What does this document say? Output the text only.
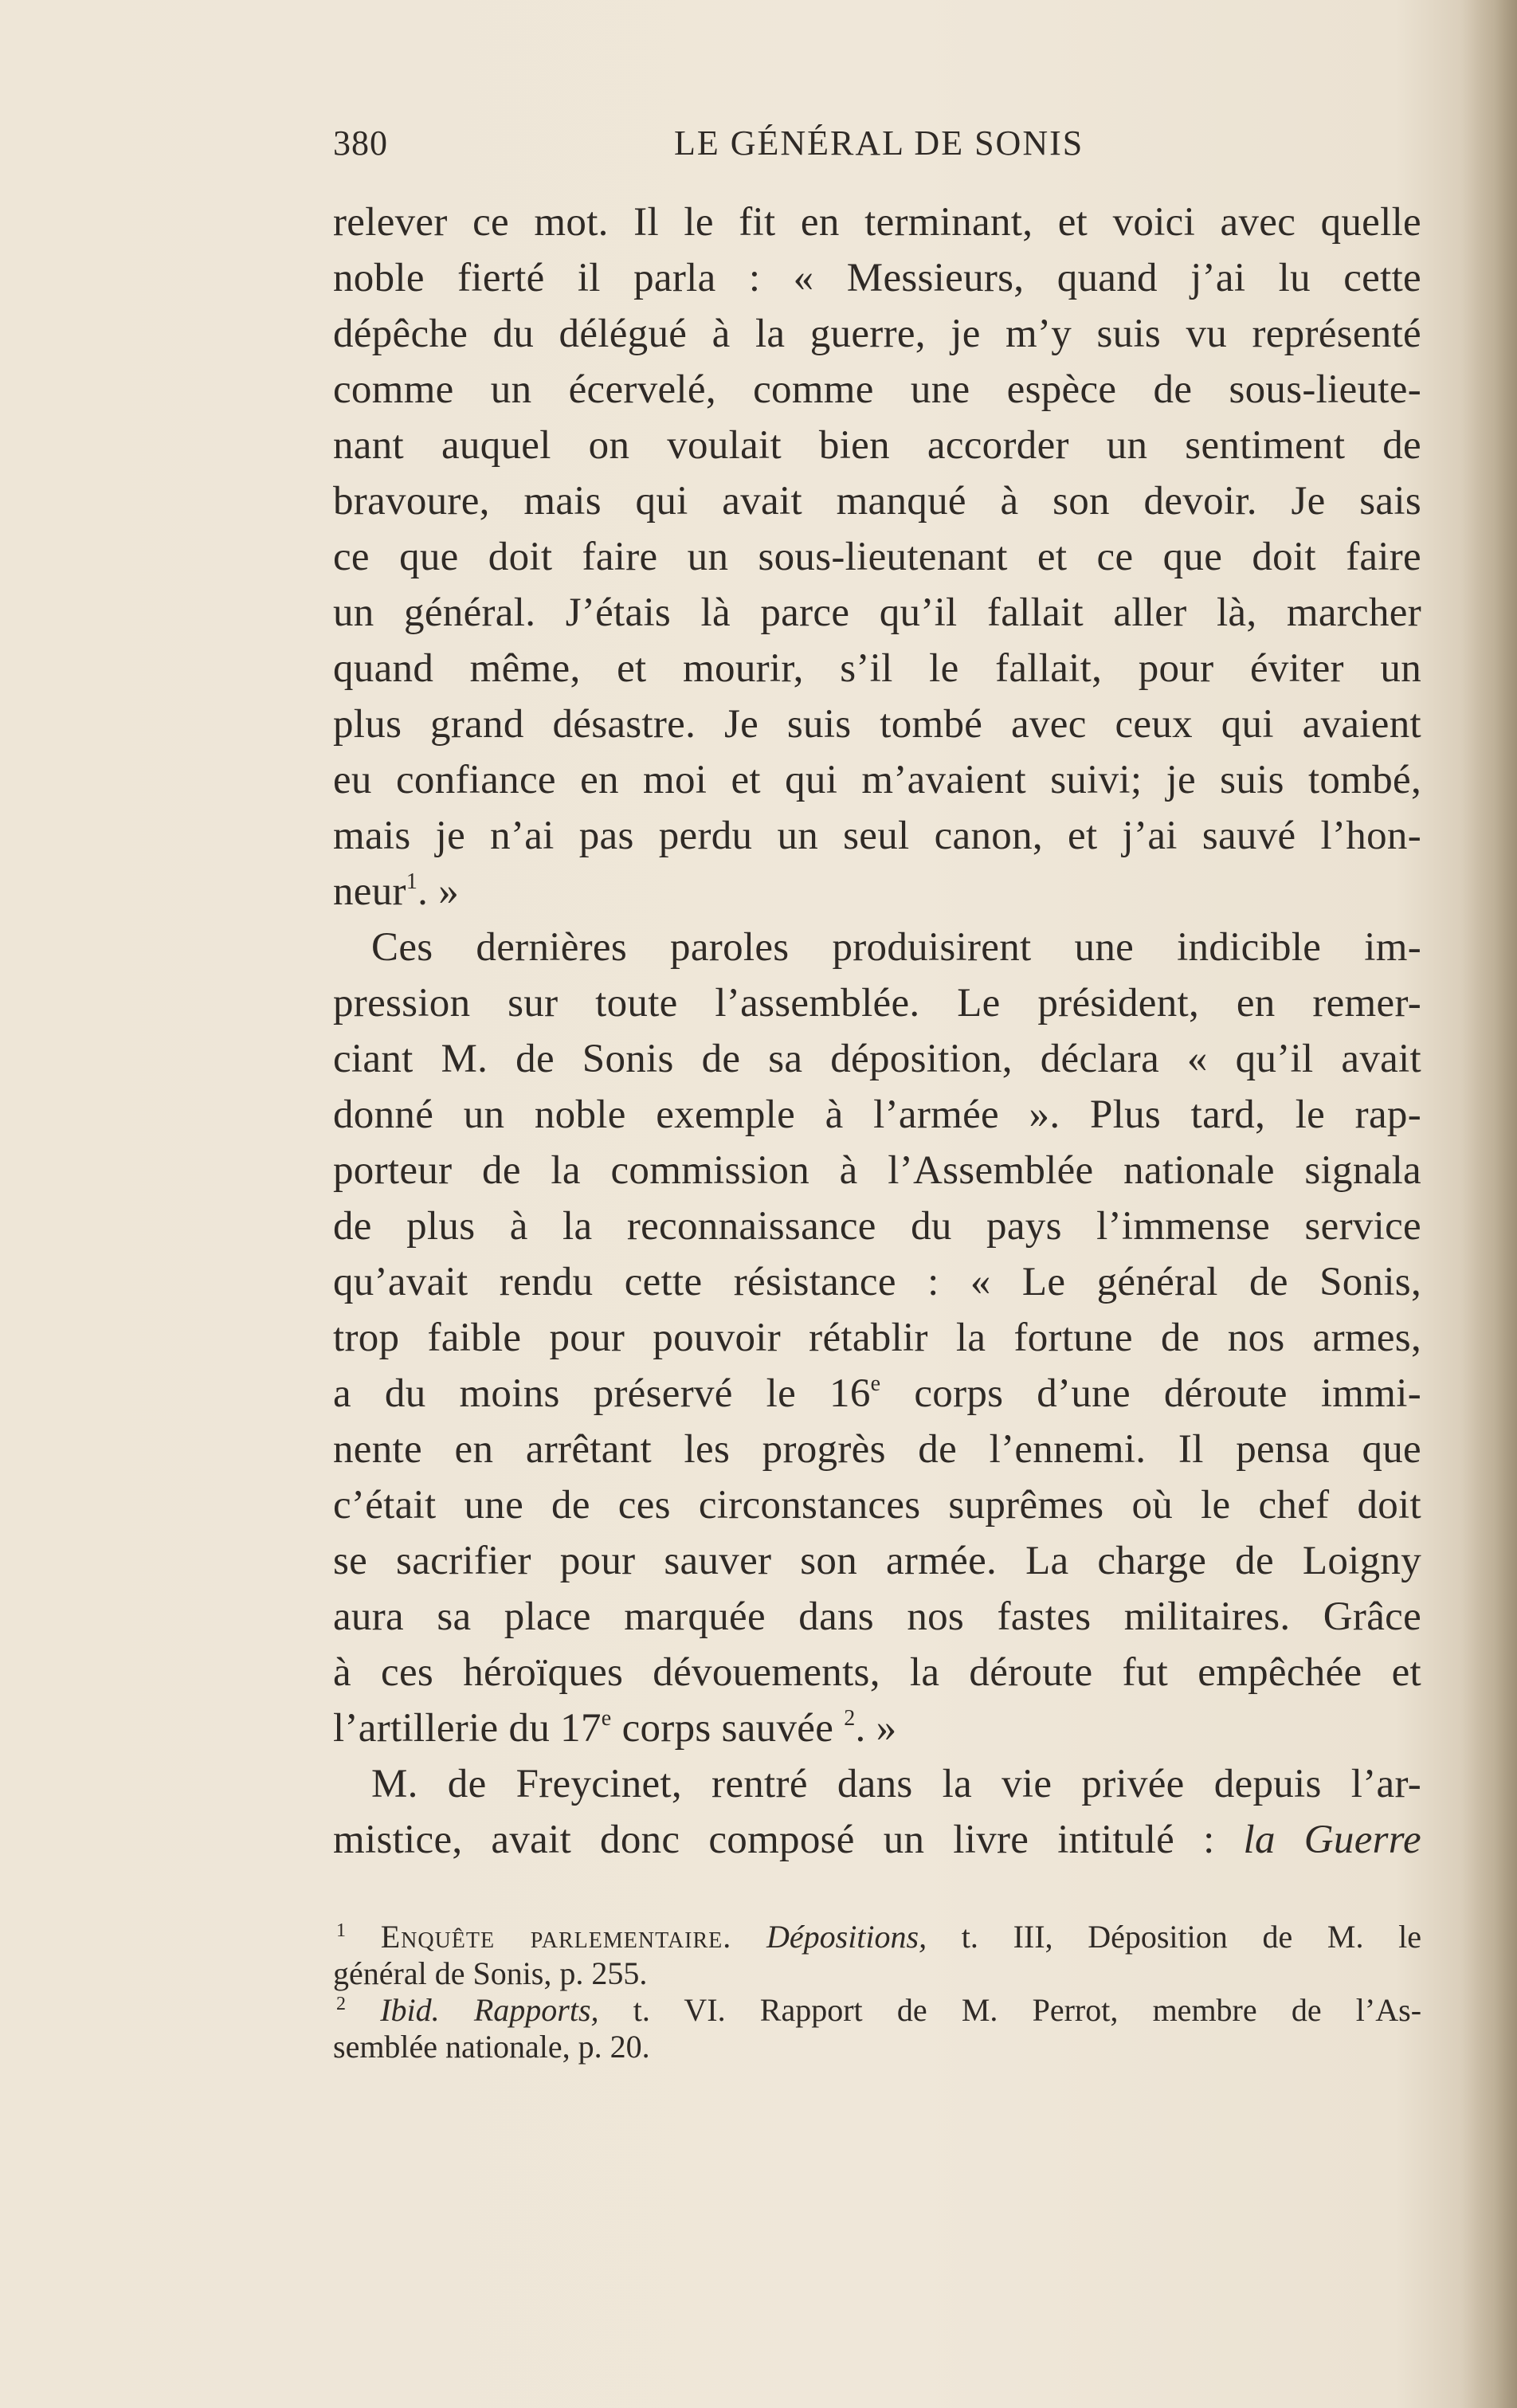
380	LE GÉNÉRAL DE SONIS
relever ce mot. Il le fit en terminant, et voici avec quelle
noble fierté il parla : « Messieurs, quand j’ai lu cette
dépêche du délégué à la guerre, je m’y suis vu représenté
comme un écervelé, comme une espèce de sous-lieute-
nant auquel on voulait bien accorder un sentiment de
bravoure, mais qui avait manqué à son devoir. Je sais
ce que doit faire un sous-lieutenant et ce que doit faire
un général. J’étais là parce qu’il fallait aller là, marcher
quand même, et mourir, s’il le fallait, pour éviter un
plus grand désastre. Je suis tombé avec ceux qui avaient
eu confiance en moi et qui m’avaient suivi; je suis tombé,
mais je n’ai pas perdu un seul canon, et j’ai sauvé l’hon-
neur$^1$. »
Ces dernières paroles produisirent une indicible im-
pression sur toute l’assemblée. Le président, en remer-
ciant M. de Sonis de sa déposition, déclara « qu’il avait
donné un noble exemple à l’armée ». Plus tard, le rap-
porteur de la commission à l’Assemblée nationale signala
de plus à la reconnaissance du pays l’immense service
qu’avait rendu cette résistance : « Le général de Sonis,
trop faible pour pouvoir rétablir la fortune de nos armes,
a du moins préservé le 16e corps d’une déroute immi-
nente en arrêtant les progrès de l’ennemi. Il pensa que
c’était une de ces circonstances suprêmes où le chef doit
se sacrifier pour sauver son armée. La charge de Loigny
aura sa place marquée dans nos fastes militaires. Grâce
à ces héroïques dévouements, la déroute fut empêchée et
l’artillerie du 17e corps sauvée $^2$. »
M. de Freycinet, rentré dans la vie privée depuis l’ar-
mistice, avait donc composé un livre intitulé : la Guerre
$^1$ Enquête parlementaire. Dépositions, t. III, Déposition de M. le
général de Sonis, p. 255.
$^2$ Ibid. Rapports, t. VI. Rapport de M. Perrot, membre de l’As-
semblée nationale, p. 20.
